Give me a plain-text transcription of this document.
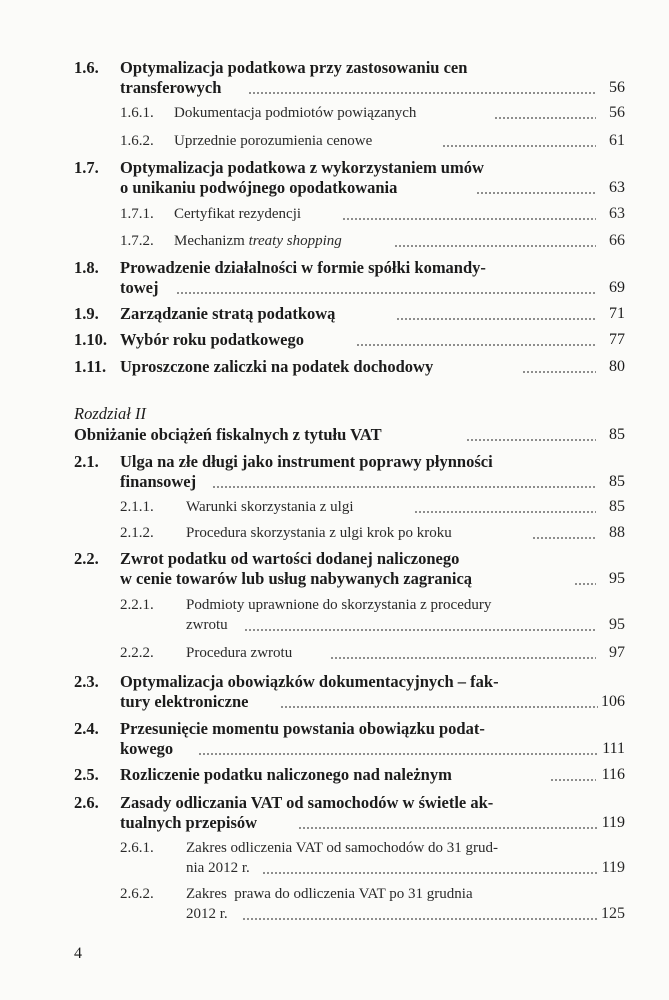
1.6. Optymalizacja podatkowa przy zastosowaniu cen
transferowych	56
1.6.1. Dokumentacja podmiotów powiązanych	56
1.6.2. Uprzednie porozumienia cenowe	61
1.7. Optymalizacja podatkowa z wykorzystaniem umów
o unikaniu podwójnego opodatkowania	63
1.7.1. Certyfikat rezydencji	63
1.7.2. Mechanizm treaty shopping	66
1.8. Prowadzenie działalności w formie spółki komandy-
towej	69
1.9. Zarządzanie stratą podatkową	71
1.10. Wybór roku podatkowego	77
1.11. Uproszczone zaliczki na podatek dochodowy	80
Rozdział II
Obniżanie obciążeń fiskalnych z tytułu VAT	85
2.1. Ulga na złe długi jako instrument poprawy płynności
finansowej	85
2.1.1. Warunki skorzystania z ulgi	85
2.1.2. Procedura skorzystania z ulgi krok po kroku	88
2.2. Zwrot podatku od wartości dodanej naliczonego
w cenie towarów lub usług nabywanych zagranicą	95
2.2.1. Podmioty uprawnione do skorzystania z procedury
zwrotu	95
2.2.2. Procedura zwrotu	97
2.3. Optymalizacja obowiązków dokumentacyjnych – fak-
tury elektroniczne	106
2.4. Przesunięcie momentu powstania obowiązku podat-
kowego	111
2.5. Rozliczenie podatku naliczonego nad należnym	116
2.6. Zasady odliczania VAT od samochodów w świetle ak-
tualnych przepisów	119
2.6.1. Zakres odliczenia VAT od samochodów do 31 grud-
nia 2012 r.	119
2.6.2. Zakres  prawa do odliczenia VAT po 31 grudnia
2012 r.	125
4
